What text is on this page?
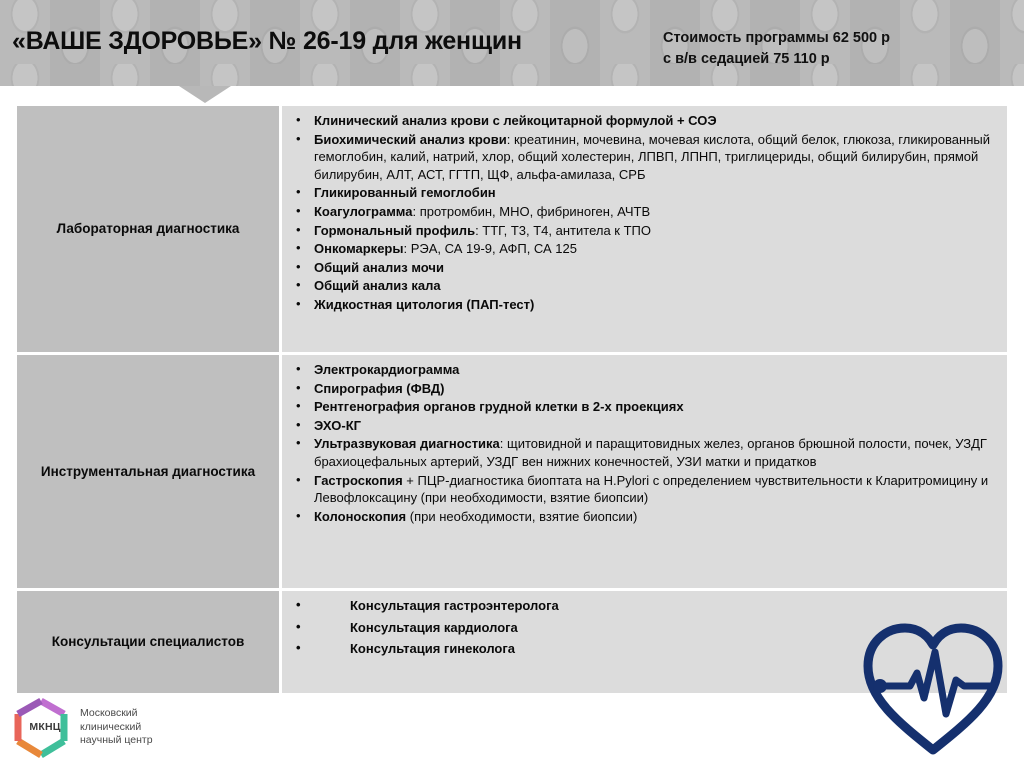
«ВАШЕ ЗДОРОВЬЕ» № 26-19 для женщин	Стоимость программы 62 500 р
с в/в седацией 75 110 р
Лабораторная диагностика	
• Клинический анализ крови с лейкоцитарной формулой + СОЭ
• Биохимический анализ крови: креатинин, мочевина, мочевая кислота, общий белок, глюкоза, гликированный гемоглобин, калий, натрий, хлор, общий холестерин, ЛПВП, ЛПНП, триглицериды, общий билирубин, прямой билирубин, АЛТ, АСТ, ГГТП, ЩФ, альфа-амилаза, СРБ
• Гликированный гемоглобин
• Коагулограмма: протромбин, МНО, фибриноген, АЧТВ
• Гормональный профиль: ТТГ, Т3, Т4, антитела к ТПО
• Онкомаркеры: РЭА, СА 19-9, АФП, СА 125
• Общий анализ мочи
• Общий анализ кала
• Жидкостная цитология (ПАП-тест)

Инструментальная диагностика	
• Электрокардиограмма
• Спирография (ФВД)
• Рентгенография органов грудной клетки в 2-х проекциях
• ЭХО-КГ
• Ультразвуковая диагностика: щитовидной и паращитовидных желез, органов брюшной полости, почек, УЗДГ брахиоцефальных артерий, УЗДГ вен нижних конечностей, УЗИ матки и придатков
• Гастроскопия + ПЦР-диагностика биоптата на H.Pylori с определением чувствительности к Кларитромицину и Левофлоксацину (при необходимости, взятие биопсии)
• Колоноскопия (при необходимости, взятие биопсии)

Консультации специалистов	
• Консультация гастроэнтеролога
• Консультация кардиолога
• Консультация гинеколога
МКНЦ
Московский
клинический
научный центр
